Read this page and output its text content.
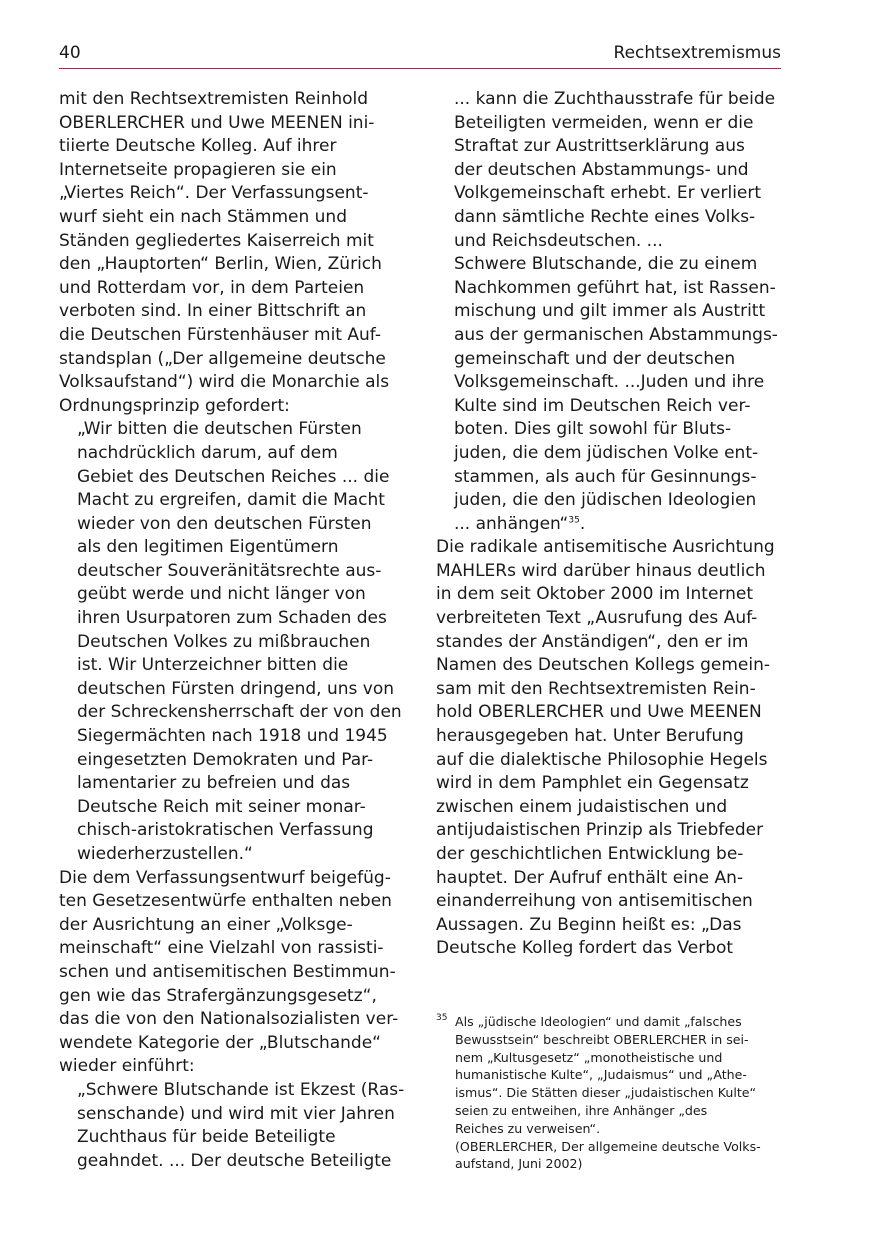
40	Rechtsextremismus
mit den Rechtsextremisten Reinhold
OBERLERCHER und Uwe MEENEN ini-
tiierte Deutsche Kolleg. Auf ihrer
Internetseite propagieren sie ein
„Viertes Reich“. Der Verfassungsent-
wurf sieht ein nach Stämmen und
Ständen gegliedertes Kaiserreich mit
den „Hauptorten“ Berlin, Wien, Zürich
und Rotterdam vor, in dem Parteien
verboten sind. In einer Bittschrift an
die Deutschen Fürstenhäuser mit Auf-
standsplan („Der allgemeine deutsche
Volksaufstand“) wird die Monarchie als
Ordnungsprinzip gefordert:
„Wir bitten die deutschen Fürsten
nachdrücklich darum, auf dem
Gebiet des Deutschen Reiches ... die
Macht zu ergreifen, damit die Macht
wieder von den deutschen Fürsten
als den legitimen Eigentümern
deutscher Souveränitätsrechte aus-
geübt werde und nicht länger von
ihren Usurpatoren zum Schaden des
Deutschen Volkes zu mißbrauchen
ist. Wir Unterzeichner bitten die
deutschen Fürsten dringend, uns von
der Schreckensherrschaft der von den
Siegermächten nach 1918 und 1945
eingesetzten Demokraten und Par-
lamentarier zu befreien und das
Deutsche Reich mit seiner monar-
chisch-aristokratischen Verfassung
wiederherzustellen.“
Die dem Verfassungsentwurf beigefüg-
ten Gesetzesentwürfe enthalten neben
der Ausrichtung an einer „Volksge-
meinschaft“ eine Vielzahl von rassisti-
schen und antisemitischen Bestimmun-
gen wie das Strafergänzungsgesetz“,
das die von den Nationalsozialisten ver-
wendete Kategorie der „Blutschande“
wieder einführt:
„Schwere Blutschande ist Ekzest (Ras-
senschande) und wird mit vier Jahren
Zuchthaus für beide Beteiligte
geahndet. ... Der deutsche Beteiligte
... kann die Zuchthausstrafe für beide
Beteiligten vermeiden, wenn er die
Straftat zur Austrittserklärung aus
der deutschen Abstammungs- und
Volkgemeinschaft erhebt. Er verliert
dann sämtliche Rechte eines Volks-
und Reichsdeutschen. ...
Schwere Blutschande, die zu einem
Nachkommen geführt hat, ist Rassen-
mischung und gilt immer als Austritt
aus der germanischen Abstammungs-
gemeinschaft und der deutschen
Volksgemeinschaft. ...Juden und ihre
Kulte sind im Deutschen Reich ver-
boten. Dies gilt sowohl für Bluts-
juden, die dem jüdischen Volke ent-
stammen, als auch für Gesinnungs-
juden, die den jüdischen Ideologien
... anhängen“$^{35}$.
Die radikale antisemitische Ausrichtung
MAHLERs wird darüber hinaus deutlich
in dem seit Oktober 2000 im Internet
verbreiteten Text „Ausrufung des Auf-
standes der Anständigen“, den er im
Namen des Deutschen Kollegs gemein-
sam mit den Rechtsextremisten Rein-
hold OBERLERCHER und Uwe MEENEN
herausgegeben hat. Unter Berufung
auf die dialektische Philosophie Hegels
wird in dem Pamphlet ein Gegensatz
zwischen einem judaistischen und
antijudaistischen Prinzip als Triebfeder
der geschichtlichen Entwicklung be-
hauptet. Der Aufruf enthält eine An-
einanderreihung von antisemitischen
Aussagen. Zu Beginn heißt es: „Das
Deutsche Kolleg fordert das Verbot
35 Als „jüdische Ideologien“ und damit „falsches
Bewusstsein“ beschreibt OBERLERCHER in sei-
nem „Kultusgesetz“ „monotheistische und
humanistische Kulte“, „Judaismus“ und „Athe-
ismus“. Die Stätten dieser „judaistischen Kulte“
seien zu entweihen, ihre Anhänger „des
Reiches zu verweisen“.
(OBERLERCHER, Der allgemeine deutsche Volks-
aufstand, Juni 2002)
